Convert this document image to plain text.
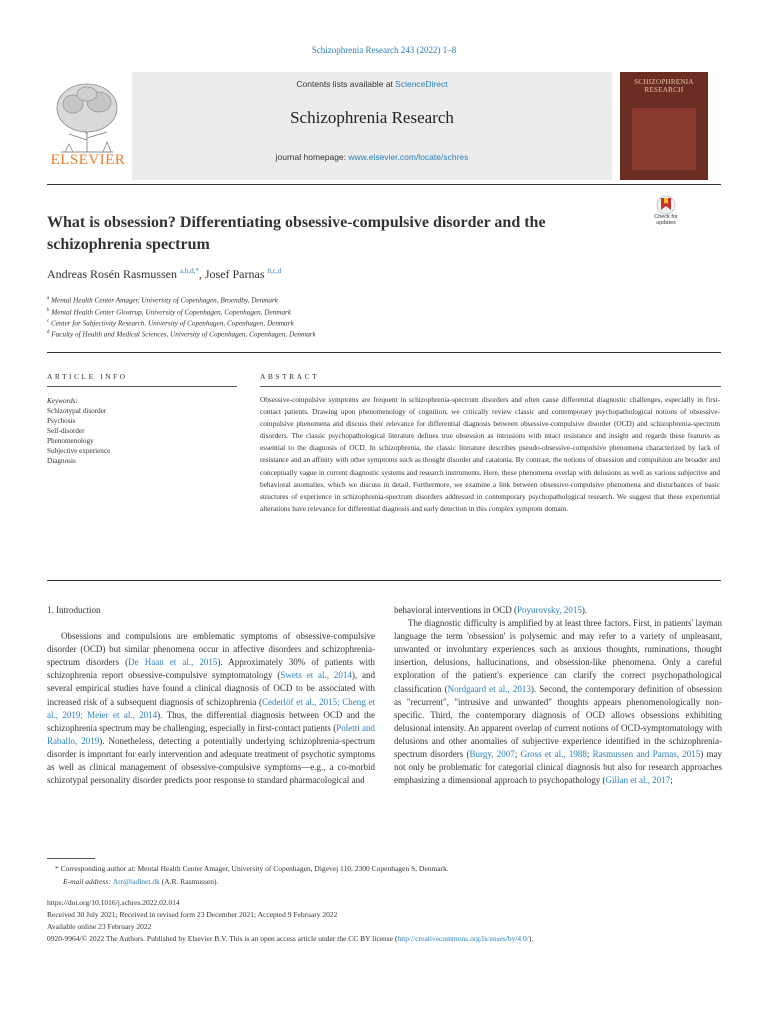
Schizophrenia Research 243 (2022) 1–8
ELSEVIER
Contents lists available at ScienceDirect
Schizophrenia Research
journal homepage: www.elsevier.com/locate/schres
SCHIZOPHRENIA RESEARCH
What is obsession? Differentiating obsessive-compulsive disorder and the schizophrenia spectrum
Check for updates
Andreas Rosén Rasmussen $^{a,b,d,*}$, Josef Parnas $^{b,c,d}$
$^a$ Mental Health Center Amager, University of Copenhagen, Broendby, Denmark
$^b$ Mental Health Center Glostrup, University of Copenhagen, Copenhagen, Denmark
$^c$ Center for Subjectivity Research, University of Copenhagen, Copenhagen, Denmark
$^d$ Faculty of Health and Medical Sciences, University of Copenhagen, Copenhagen, Denmark
ARTICLE INFO	ABSTRACT
Keywords:
Schizotypal disorder
Psychosis
Self-disorder
Phenomenology
Subjective experience
Diagnosis
Obsessive-compulsive symptoms are frequent in schizophrenia-spectrum disorders and often cause differential diagnostic challenges, especially in first-contact patients. Drawing upon phenomenology of cognition, we critically review classic and contemporary psychopathological notions of obsessive-compulsive phenomena and discuss their relevance for differential diagnosis between obsessive-compulsive disorder (OCD) and schizophrenia-spectrum disorders. The classic psychopathological literature defines true obsession as intrusions with intact resistance and insight and regards these features as essential to the diagnosis of OCD. In schizophrenia, the classic literature describes pseudo-obsessive-compulsive phenomena characterized by lack of resistance and an affinity with other symptoms such as thought disorder and catatonia. By contrast, the notions of obsession and compulsion are broader and conceptually vague in current diagnostic systems and research instruments. Here, these phenomena overlap with delusions as well as various subjective and behavioral anomalies, which we discuss in detail. Furthermore, we examine a link between obsessive-compulsive phenomena and disturbances of basic structures of experience in schizophrenia-spectrum disorders addressed in contemporary psychopathological research. We suggest that these experiential alterations have relevance for differential diagnosis and early detection in this complex symptom domain.

1. Introduction

Obsessions and compulsions are emblematic symptoms of obsessive-compulsive disorder (OCD) but similar phenomena occur in affective disorders and schizophrenia-spectrum disorders (De Haan et al., 2015). Approximately 30% of patients with schizophrenia report obsessive-compulsive symptomatology (Swets et al., 2014), and several empirical studies have found a clinical diagnosis of OCD to be associated with increased risk of a subsequent diagnosis of schizophrenia (Cederlöf et al., 2015; Cheng et al., 2019; Meier et al., 2014). Thus, the differential diagnosis between OCD and the schizophrenia spectrum may be challenging, especially in first-contact patients (Poletti and Raballo, 2019). Nonetheless, detecting a potentially underlying schizophrenia-spectrum disorder is important for early intervention and adequate treatment of psychotic symptoms as well as clinical management of obsessive-compulsive symptoms—e.g., a co-morbid schizotypal personality disorder predicts poor response to standard pharmacological and

behavioral interventions in OCD (Poyurovsky, 2015).

The diagnostic difficulty is amplified by at least three factors. First, in patients' layman language the term 'obsession' is polysemic and may refer to a variety of unpleasant, unwanted or involuntary experiences such as anxious thoughts, ruminations, thought insertion, delusions, hallucinations, and obsession-like phenomena. Only a careful exploration of the patient's experience can clarify the correct psychopathological classification (Nordgaard et al., 2013). Second, the contemporary definition of obsession as "recurrent", "intrusive and unwanted" thoughts appears phenomenologically non-specific. Third, the contemporary diagnosis of OCD allows obsessions exhibiting delusional intensity. An apparent overlap of current notions of OCD-symptomatology with delusions and other anomalies of subjective experience identified in the schizophrenia-spectrum disorders (Burgy, 2007; Gross et al., 1988; Rasmussen and Parnas, 2015) may not only be problematic for categorial clinical diagnosis but also for research approaches emphasizing a dimensional approach to psychopathology (Gillan et al., 2017;

* Corresponding author at: Mental Health Center Amager, University of Copenhagen, Digevej 110, 2300 Copenhagen S, Denmark.
E-mail address: Arr@ladlnet.dk (A.R. Rasmussen).
https://doi.org/10.1016/j.schres.2022.02.014
Received 30 July 2021; Received in revised form 23 December 2021; Accepted 9 February 2022
Available online 23 February 2022
0920-9964/© 2022 The Authors. Published by Elsevier B.V. This is an open access article under the CC BY license (http://creativecommons.org/licenses/by/4.0/).
